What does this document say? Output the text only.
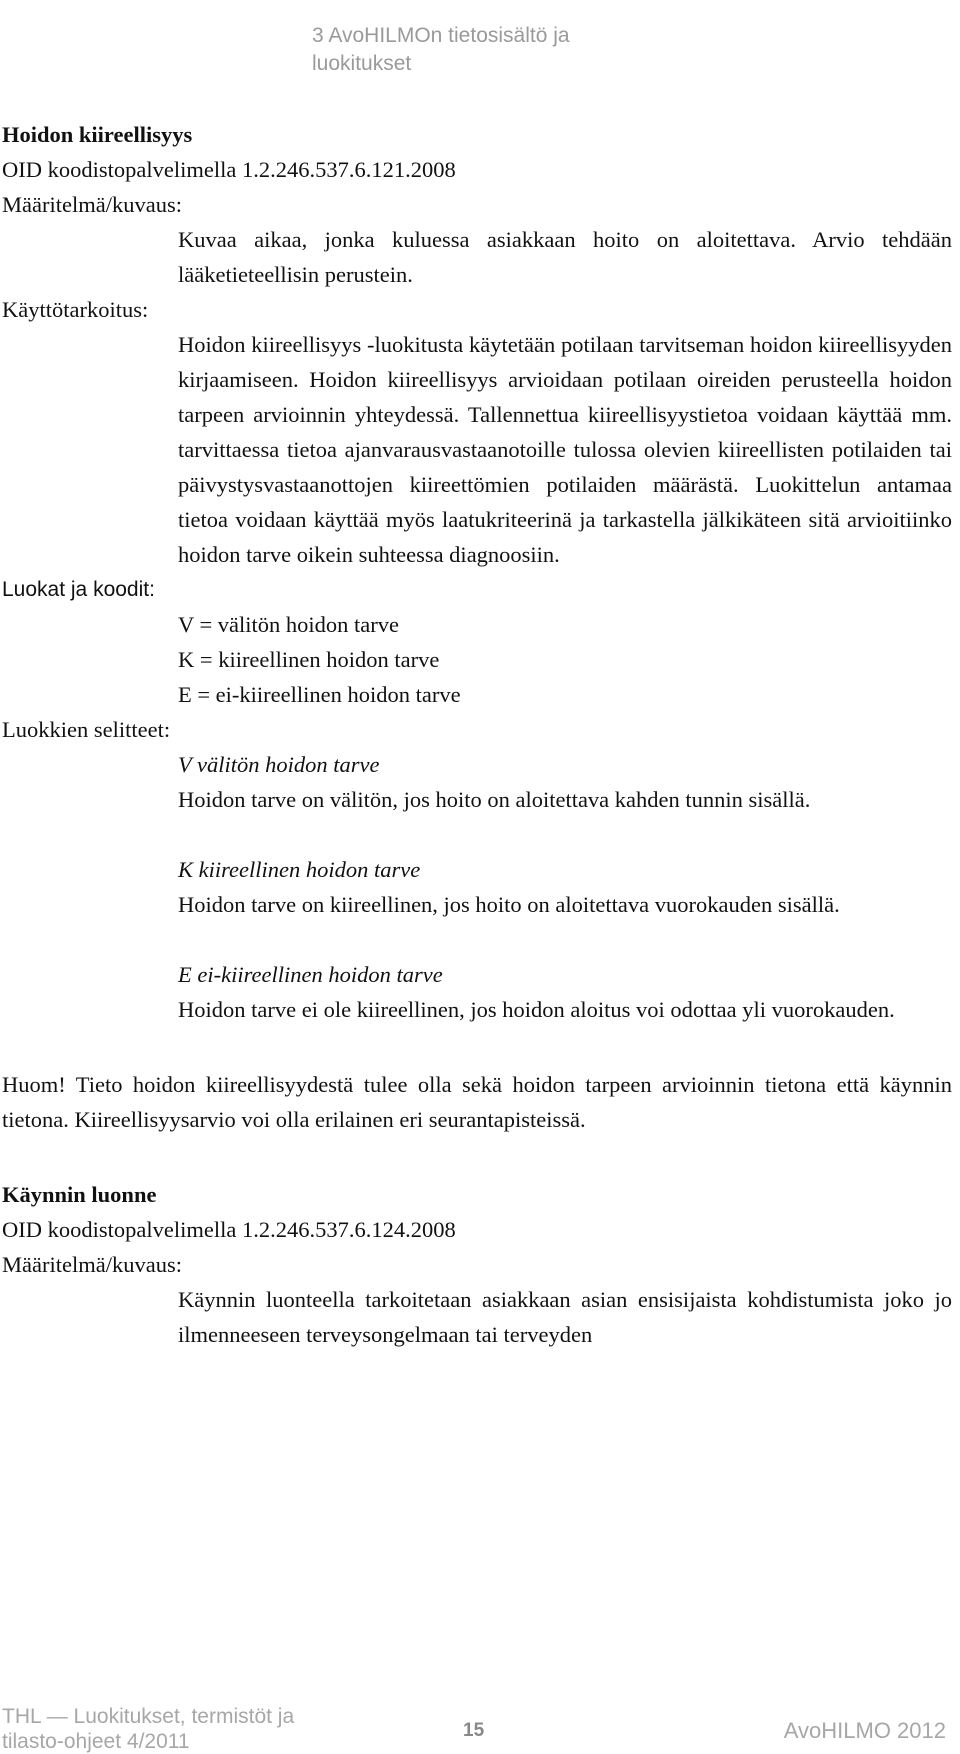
3 AvoHILMOn tietosisältö ja luokitukset

Hoidon kiireellisyys

OID koodistopalvelimella 1.2.246.537.6.121.2008

Määritelmä/kuvaus:

Kuvaa aikaa, jonka kuluessa asiakkaan hoito on aloitettava. Arvio tehdään lääketieteellisin perustein.

Käyttötarkoitus:

Hoidon kiireellisyys -luokitusta käytetään potilaan tarvitseman hoidon kiireellisyyden kirjaamiseen. Hoidon kiireellisyys arvioidaan potilaan oireiden perusteella hoidon tarpeen arvioinnin yhteydessä. Tallennettua kiireellisyystietoa voidaan käyttää mm. tarvittaessa tietoa ajanvarausvastaanotoille tulossa olevien kiireellisten potilaiden tai päivystysvastaanottojen kiireettömien potilaiden määrästä. Luokittelun antamaa tietoa voidaan käyttää myös laatukriteerinä ja tarkastella jälkikäteen sitä arvioitiinko hoidon tarve oikein suhteessa diagnoosiin.

Luokat ja koodit:

V = välitön hoidon tarve

K = kiireellinen hoidon tarve

E = ei-kiireellinen hoidon tarve

Luokkien selitteet:

V välitön hoidon tarve

Hoidon tarve on välitön, jos hoito on aloitettava kahden tunnin sisällä.

K kiireellinen hoidon tarve

Hoidon tarve on kiireellinen, jos hoito on aloitettava vuorokauden sisällä.

E ei-kiireellinen hoidon tarve

Hoidon tarve ei ole kiireellinen, jos hoidon aloitus voi odottaa yli vuorokauden.

Huom! Tieto hoidon kiireellisyydestä tulee olla sekä hoidon tarpeen arvioinnin tietona että käynnin tietona. Kiireellisyysarvio voi olla erilainen eri seurantapisteissä.

Käynnin luonne

OID koodistopalvelimella 1.2.246.537.6.124.2008

Määritelmä/kuvaus:

Käynnin luonteella tarkoitetaan asiakkaan asian ensisijaista kohdistumista joko jo ilmenneeseen terveysongelmaan tai terveyden

THL — Luokitukset, termistöt ja tilasto-ohjeet 4/2011	15	AvoHILMO 2012
